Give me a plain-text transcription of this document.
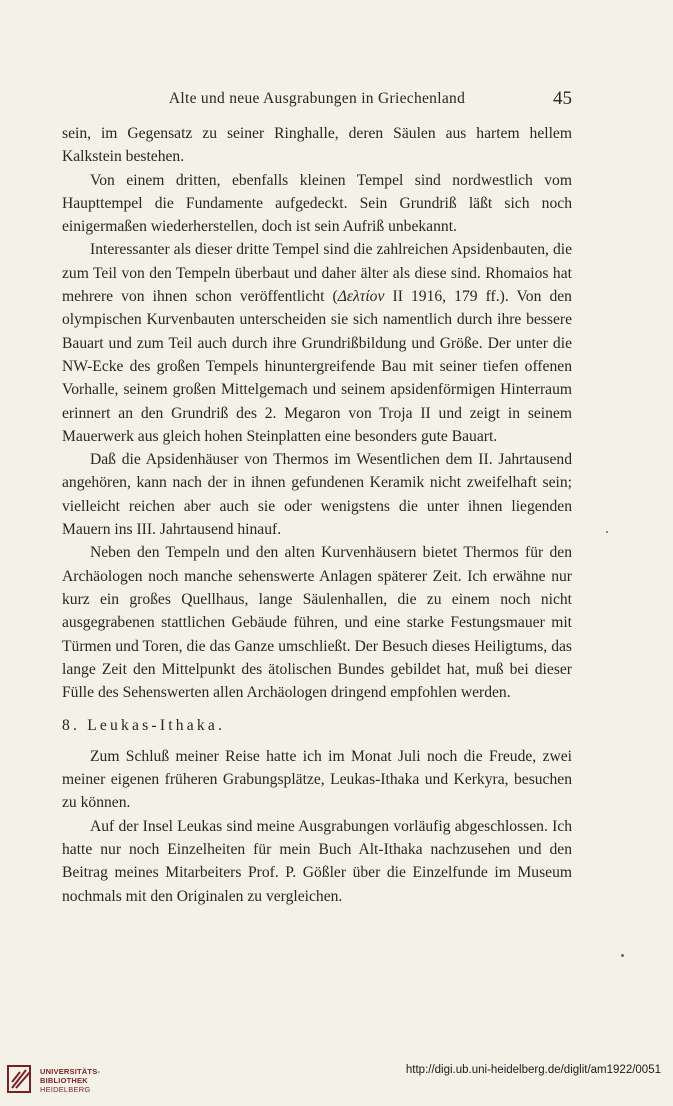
Alte und neue Ausgrabungen in Griechenland	45

sein, im Gegensatz zu seiner Ringhalle, deren Säulen aus hartem hellem Kalkstein bestehen.

Von einem dritten, ebenfalls kleinen Tempel sind nordwestlich vom Haupttempel die Fundamente aufgedeckt. Sein Grundriß läßt sich noch einigermaßen wiederherstellen, doch ist sein Aufriß unbekannt.

Interessanter als dieser dritte Tempel sind die zahlreichen Apsidenbauten, die zum Teil von den Tempeln überbaut und daher älter als diese sind. Rhomaios hat mehrere von ihnen schon veröffentlicht (Δελτίον II 1916, 179 ff.). Von den olympischen Kurvenbauten unterscheiden sie sich namentlich durch ihre bessere Bauart und zum Teil auch durch ihre Grundrißbildung und Größe. Der unter die NW-Ecke des großen Tempels hinuntergreifende Bau mit seiner tiefen offenen Vorhalle, seinem großen Mittelgemach und seinem apsidenförmigen Hinterraum erinnert an den Grundriß des 2. Megaron von Troja II und zeigt in seinem Mauerwerk aus gleich hohen Steinplatten eine besonders gute Bauart.

Daß die Apsidenhäuser von Thermos im Wesentlichen dem II. Jahrtausend angehören, kann nach der in ihnen gefundenen Keramik nicht zweifelhaft sein; vielleicht reichen aber auch sie oder wenigstens die unter ihnen liegenden Mauern ins III. Jahrtausend hinauf.

Neben den Tempeln und den alten Kurvenhäusern bietet Thermos für den Archäologen noch manche sehenswerte Anlagen späterer Zeit. Ich erwähne nur kurz ein großes Quellhaus, lange Säulenhallen, die zu einem noch nicht ausgegrabenen stattlichen Gebäude führen, und eine starke Festungsmauer mit Türmen und Toren, die das Ganze umschließt. Der Besuch dieses Heiligtums, das lange Zeit den Mittelpunkt des ätolischen Bundes gebildet hat, muß bei dieser Fülle des Sehenswerten allen Archäologen dringend empfohlen werden.

8. Leukas-Ithaka.

Zum Schluß meiner Reise hatte ich im Monat Juli noch die Freude, zwei meiner eigenen früheren Grabungsplätze, Leukas-Ithaka und Kerkyra, besuchen zu können.

Auf der Insel Leukas sind meine Ausgrabungen vorläufig abgeschlossen. Ich hatte nur noch Einzelheiten für mein Buch Alt-Ithaka nachzusehen und den Beitrag meines Mitarbeiters Prof. P. Gößler über die Einzelfunde im Museum nochmals mit den Originalen zu vergleichen.

UNIVERSITÄTS-
BIBLIOTHEK
HEIDELBERG
http://digi.ub.uni-heidelberg.de/diglit/am1922/0051
